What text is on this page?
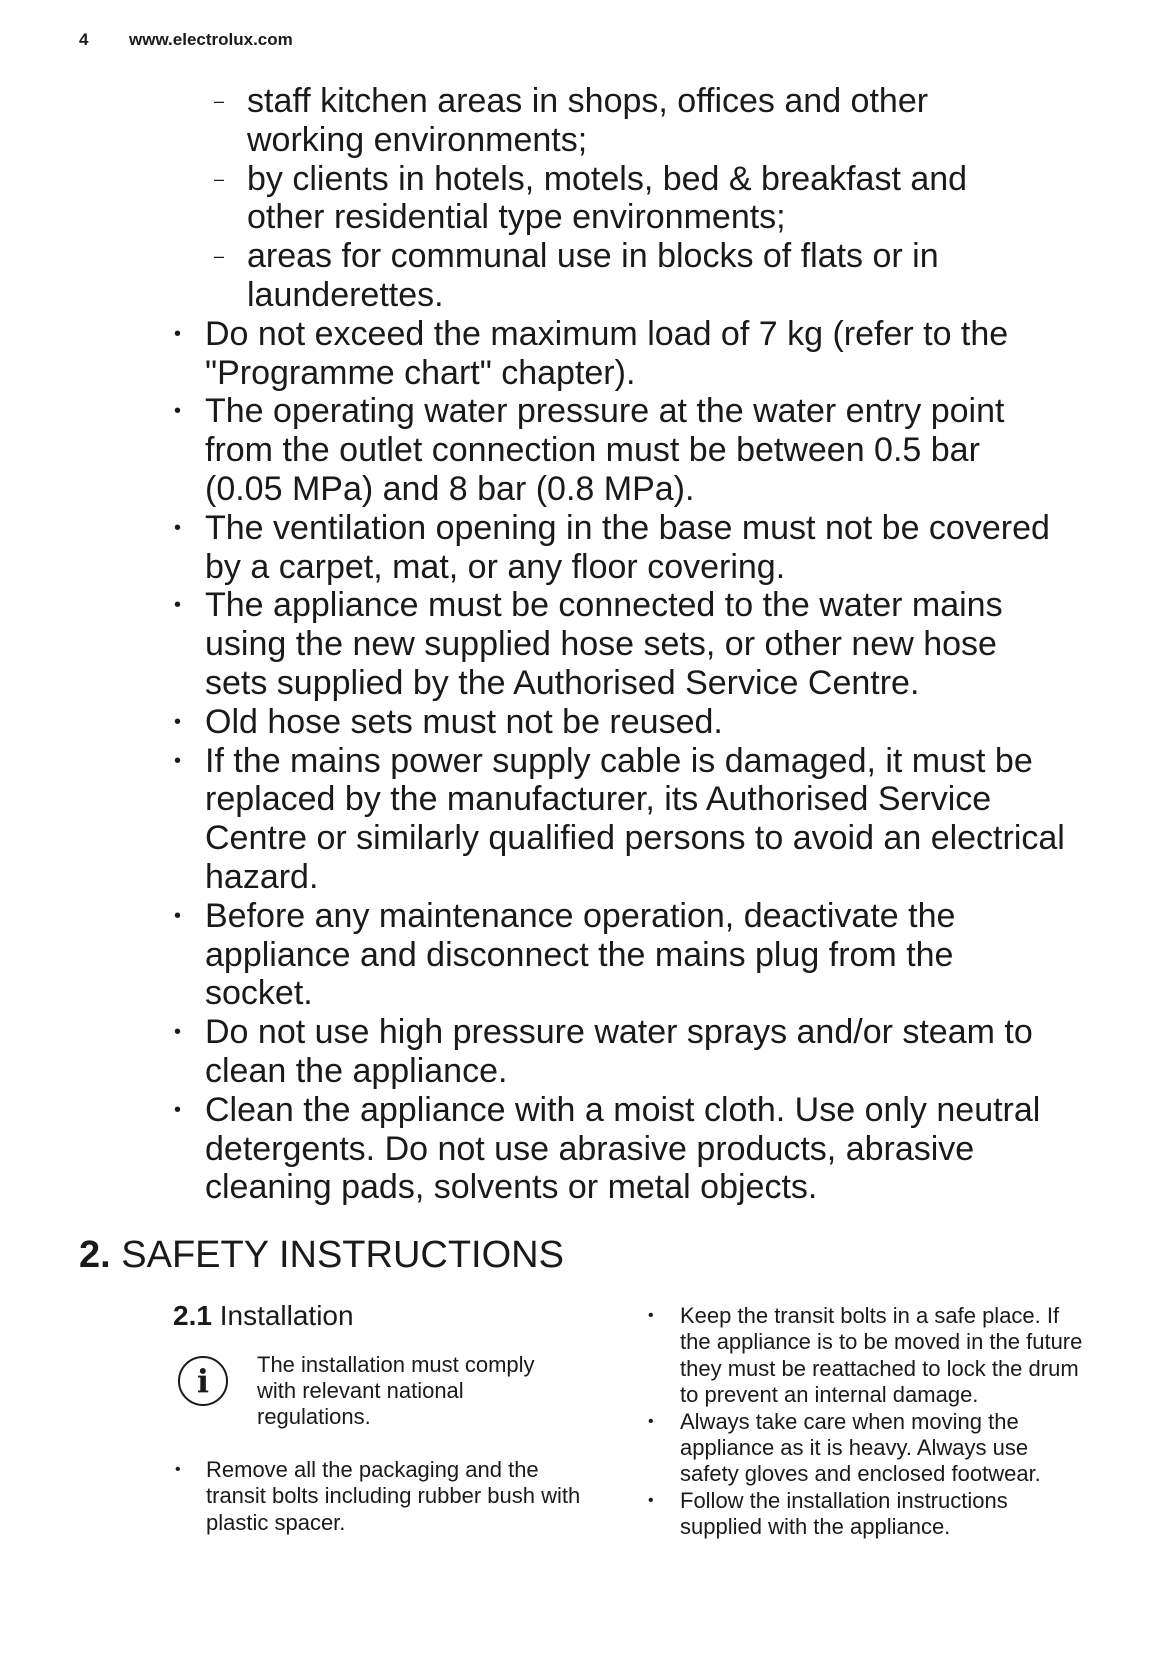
4 www.electrolux.com
– staff kitchen areas in shops, offices and other working environments;
– by clients in hotels, motels, bed & breakfast and other residential type environments;
– areas for communal use in blocks of flats or in launderettes.
• Do not exceed the maximum load of 7 kg (refer to the "Programme chart" chapter).
• The operating water pressure at the water entry point from the outlet connection must be between 0.5 bar (0.05 MPa) and 8 bar (0.8 MPa).
• The ventilation opening in the base must not be covered by a carpet, mat, or any floor covering.
• The appliance must be connected to the water mains using the new supplied hose sets, or other new hose sets supplied by the Authorised Service Centre.
• Old hose sets must not be reused.
• If the mains power supply cable is damaged, it must be replaced by the manufacturer, its Authorised Service Centre or similarly qualified persons to avoid an electrical hazard.
• Before any maintenance operation, deactivate the appliance and disconnect the mains plug from the socket.
• Do not use high pressure water sprays and/or steam to clean the appliance.
• Clean the appliance with a moist cloth. Use only neutral detergents. Do not use abrasive products, abrasive cleaning pads, solvents or metal objects.
2. SAFETY INSTRUCTIONS
2.1 Installation
i	The installation must comply with relevant national regulations.
• Remove all the packaging and the transit bolts including rubber bush with plastic spacer.
• Keep the transit bolts in a safe place. If the appliance is to be moved in the future they must be reattached to lock the drum to prevent an internal damage.
• Always take care when moving the appliance as it is heavy. Always use safety gloves and enclosed footwear.
• Follow the installation instructions supplied with the appliance.
